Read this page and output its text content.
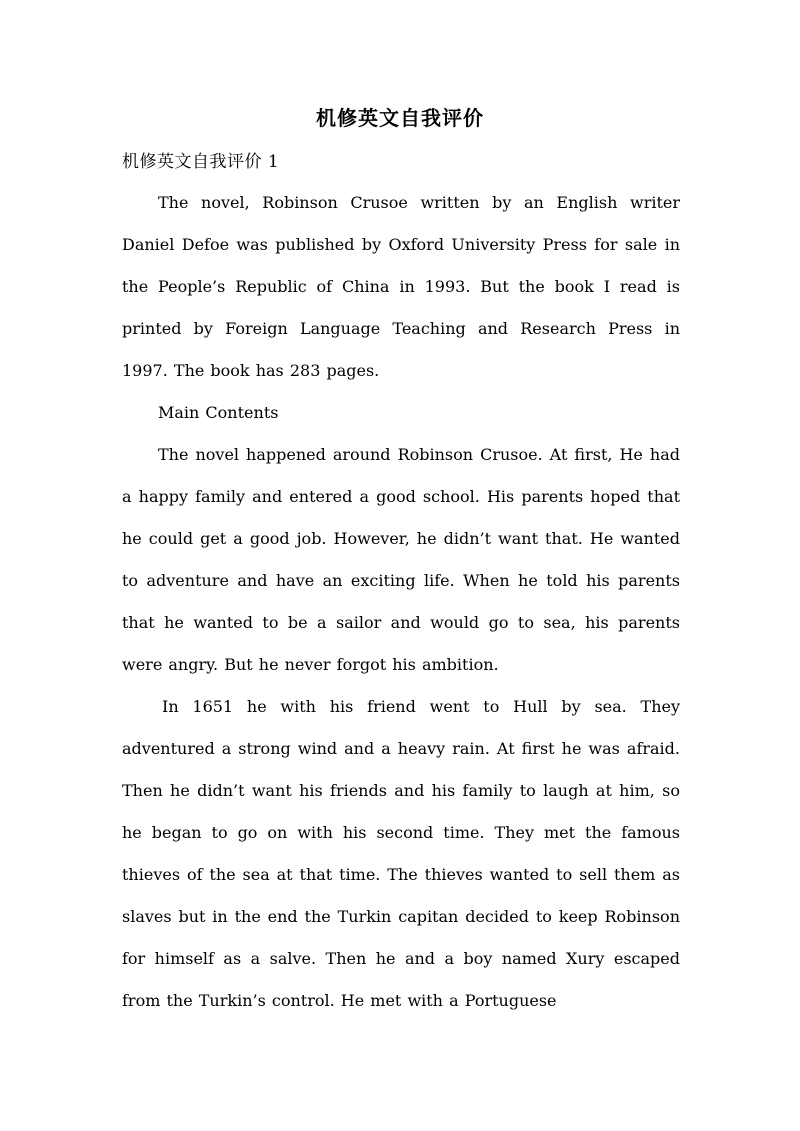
机修英文自我评价
机修英文自我评价 1

The novel, Robinson Crusoe written by an English writer Daniel Defoe was published by Oxford University Press for sale in the People’s Republic of China in 1993. But the book I read is printed by Foreign Language Teaching and Research Press in 1997. The book has 283 pages.

Main Contents

The novel happened around Robinson Crusoe. At first, He had a happy family and entered a good school. His parents hoped that he could get a good job. However, he didn’t want that. He wanted to adventure and have an exciting life. When he told his parents that he wanted to be a sailor and would go to sea, his parents were angry. But he never forgot his ambition.

In 1651 he with his friend went to Hull by sea. They adventured a strong wind and a heavy rain. At first he was afraid. Then he didn’t want his friends and his family to laugh at him, so he began to go on with his second time. They met the famous thieves of the sea at that time. The thieves wanted to sell them as slaves but in the end the Turkin capitan decided to keep Robinson for himself as a salve. Then he and a boy named Xury escaped from the Turkin’s control. He met with a Portuguese
